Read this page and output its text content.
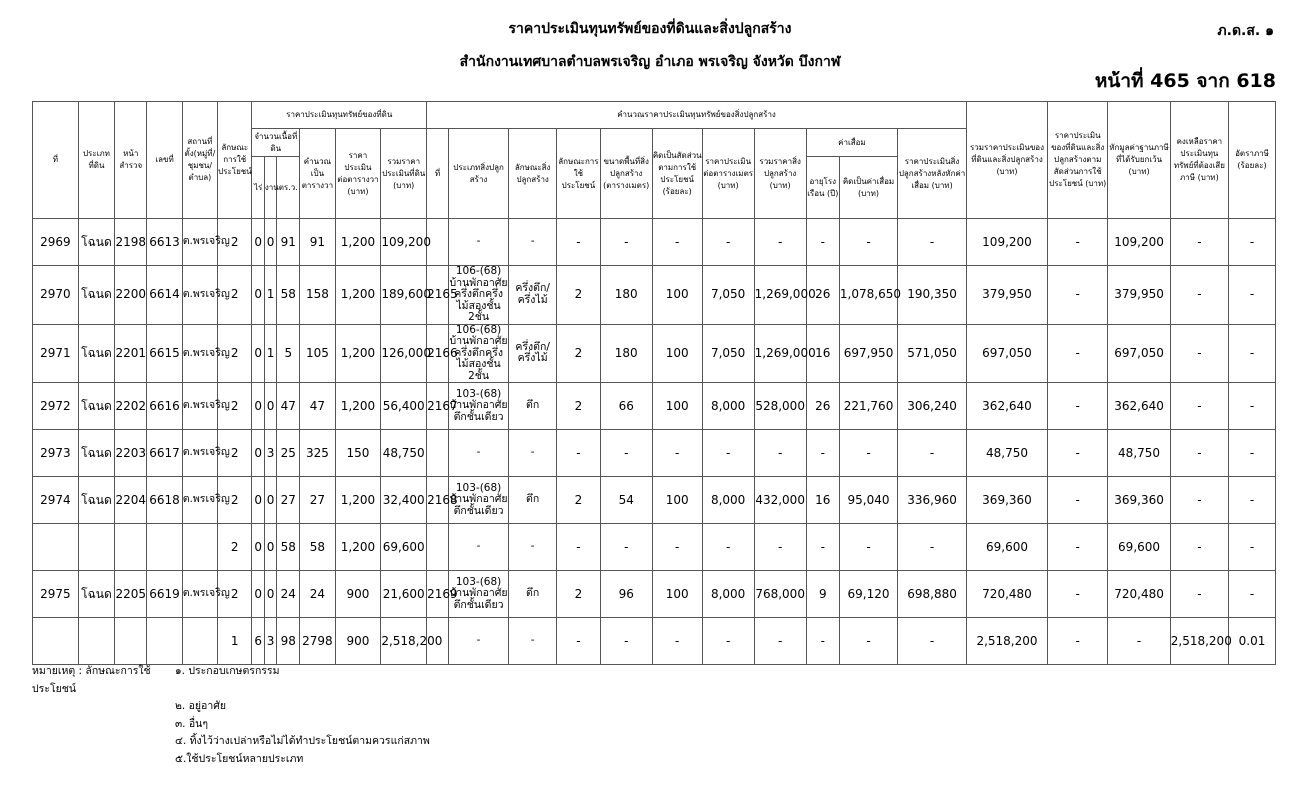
ราคาประเมินทุนทรัพย์ของที่ดินและสิ่งปลูกสร้าง
สำนักงานเทศบาลตำบลพรเจริญ อำเภอ พรเจริญ จังหวัด บึงกาฬ
ภ.ด.ส. ๑
หน้าที่ 465 จาก 618
ที่	ประเภทที่ดิน	หน้าสำรวจ	เลขที่	สถานที่ตั้ง(หมู่ที่/ชุมชน/ตำบล)	ลักษณะการใช้ประโยชน์	ราคาประเมินทุนทรัพย์ของที่ดิน						คำนวณราคาประเมินทุนทรัพย์ของสิ่งปลูกสร้าง											รวมราคาประเมินของที่ดินและสิ่งปลูกสร้าง (บาท)	ราคาประเมินของที่ดินและสิ่งปลูกสร้างตามสัดส่วนการใช้ประโยชน์ (บาท)	หักมูลค่าฐานภาษีที่ได้รับยกเว้น (บาท)	คงเหลือราคาประเมินทุนทรัพย์ที่ต้องเสียภาษี (บาท)	อัตราภาษี (ร้อยละ)
						จำนวนเนื้อที่ดิน			คำนวณเป็นตารางวา	ราคาประเมินต่อตารางวา (บาท)	รวมราคาประเมินที่ดิน (บาท)	ที่	ประเภทสิ่งปลูกสร้าง	ลักษณะสิ่งปลูกสร้าง	ลักษณะการใช้ประโยชน์	ขนาดพื้นที่สิ่งปลูกสร้าง (ตารางเมตร)	คิดเป็นสัดส่วนตามการใช้ประโยชน์ (ร้อยละ)	ราคาประเมินต่อตารางเมตร (บาท)	รวมราคาสิ่งปลูกสร้าง (บาท)	ค่าเสื่อม		ราคาประเมินสิ่งปลูกสร้างหลังหักค่าเสื่อม (บาท)					
						ไร่	งาน	ตร.ว.												อายุโรงเรือน (ปี)	คิดเป็นค่าเสื่อม (บาท)						
2969	โฉนด	2198	6613	ต.พรเจริญ	2	0	0	91	91	1,200	109,200		-	-	-	-	-	-	-	-	-	-	109,200	-	109,200	-	-
2970	โฉนด	2200	6614	ต.พรเจริญ	2	0	1	58	158	1,200	189,600	2165	106-(68) บ้านพักอาศัยครึ่งตึกครึ่งไม้สองชั้น 2ชั้น	ครึ่งตึก/ครึ่งไม้	2	180	100	7,050	1,269,000	26	1,078,650	190,350	379,950	-	379,950	-	-
2971	โฉนด	2201	6615	ต.พรเจริญ	2	0	1	5	105	1,200	126,000	2166	106-(68) บ้านพักอาศัยครึ่งตึกครึ่งไม้สองชั้น 2ชั้น	ครึ่งตึก/ครึ่งไม้	2	180	100	7,050	1,269,000	16	697,950	571,050	697,050	-	697,050	-	-
2972	โฉนด	2202	6616	ต.พรเจริญ	2	0	0	47	47	1,200	56,400	2167	103-(68) บ้านพักอาศัยตึกชั้นเดียว	ตึก	2	66	100	8,000	528,000	26	221,760	306,240	362,640	-	362,640	-	-
2973	โฉนด	2203	6617	ต.พรเจริญ	2	0	3	25	325	150	48,750		-	-	-	-	-	-	-	-	-	-	48,750	-	48,750	-	-
2974	โฉนด	2204	6618	ต.พรเจริญ	2	0	0	27	27	1,200	32,400	2168	103-(68) บ้านพักอาศัยตึกชั้นเดียว	ตึก	2	54	100	8,000	432,000	16	95,040	336,960	369,360	-	369,360	-	-
					2	0	0	58	58	1,200	69,600		-	-	-	-	-	-	-	-	-	-	69,600	-	69,600	-	-
2975	โฉนด	2205	6619	ต.พรเจริญ	2	0	0	24	24	900	21,600	2169	103-(68) บ้านพักอาศัยตึกชั้นเดียว	ตึก	2	96	100	8,000	768,000	9	69,120	698,880	720,480	-	720,480	-	-
					1	6	3	98	2798	900	2,518,200		-	-	-	-	-	-	-	-	-	-	2,518,200	-	-	2,518,200	0.01
หมายเหตุ : ลักษณะการใช้ประโยชน์
๑. ประกอบเกษตรกรรม
๒. อยู่อาศัย
๓. อื่นๆ
๔. ทิ้งไว้ว่างเปล่าหรือไม่ได้ทำประโยชน์ตามควรแก่สภาพ
๕.ใช้ประโยชน์หลายประเภท
